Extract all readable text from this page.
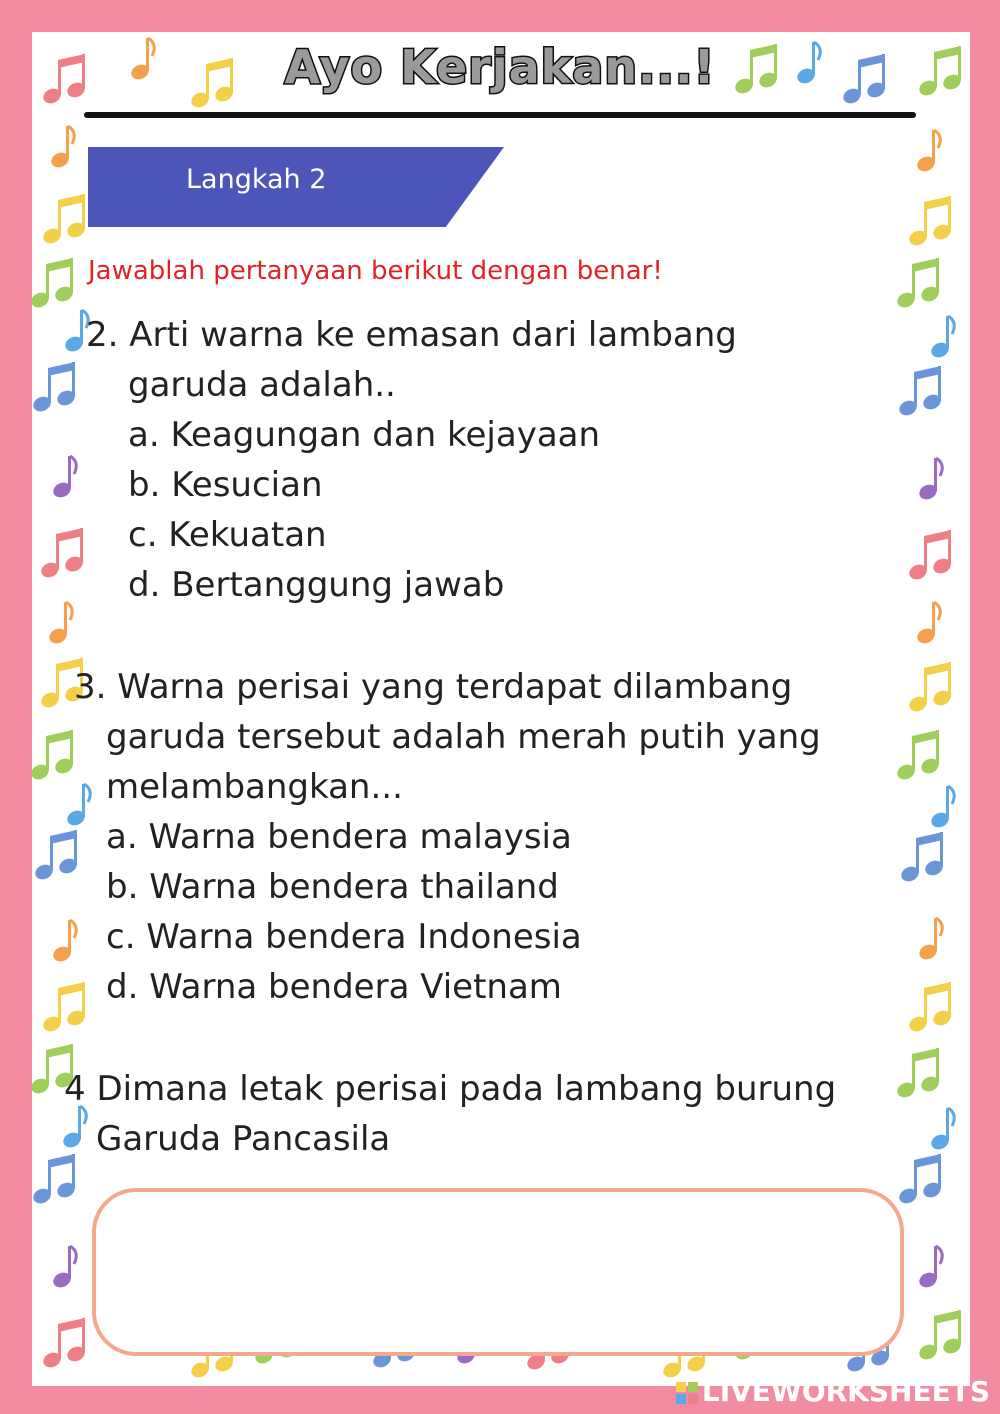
Ayo Kerjakan...!
Langkah 2
Jawablah pertanyaan berikut dengan benar!
2. Arti warna ke emasan dari lambang
garuda adalah..
a. Keagungan dan kejayaan
b. Kesucian
c. Kekuatan
d. Bertanggung jawab
3. Warna perisai yang terdapat dilambang
garuda tersebut adalah merah putih yang
melambangkan...
a. Warna bendera malaysia
b. Warna bendera thailand
c. Warna bendera Indonesia
d. Warna bendera Vietnam
4 Dimana letak perisai pada lambang burung
Garuda Pancasila
LIVEWORKSHEETS
